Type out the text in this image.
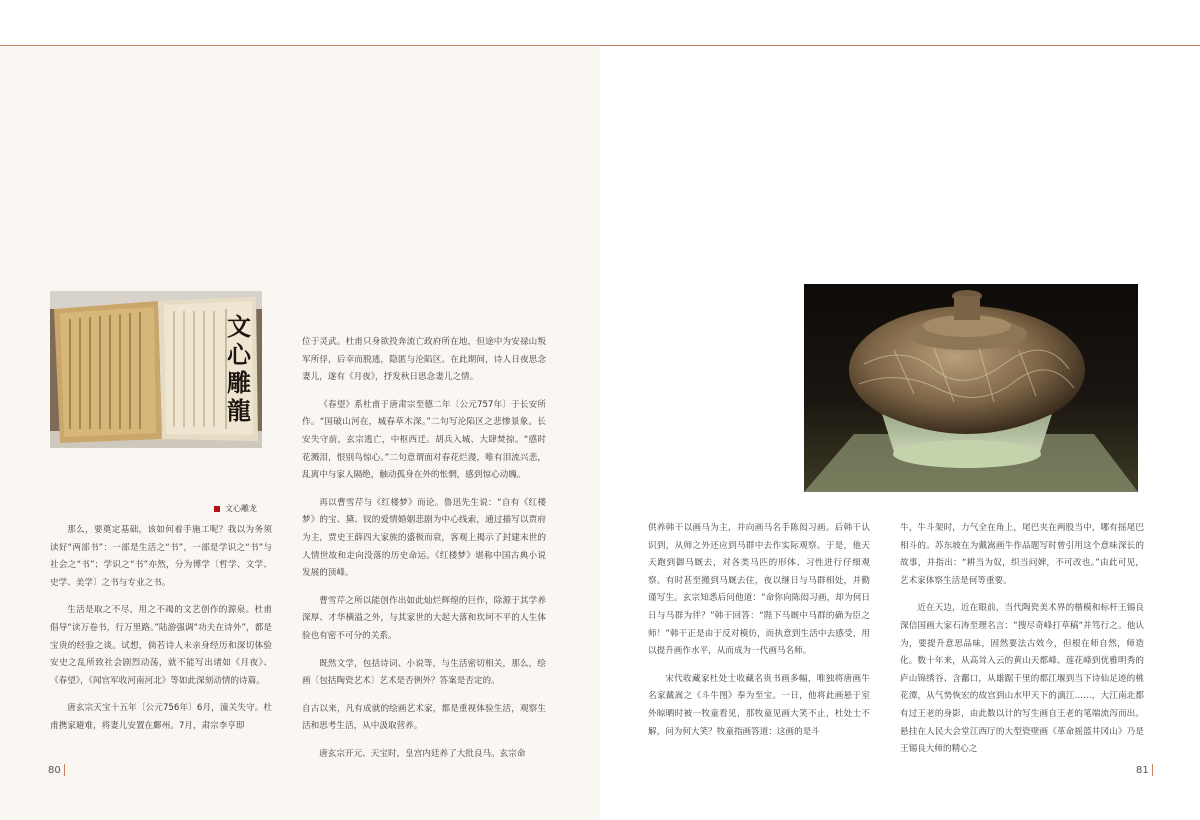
文
心
雕
龍
文心雕龙

那么，要奠定基础，该如何着手施工呢？我以为务须读好“两部书”：一部是生活之“书”，一部是学识之“书”与社会之“书”；学识之“书”亦然，分为博学〔哲学、文学、史学、美学〕之书与专业之书。

生活是取之不尽，用之不竭的文艺创作的源泉。杜甫倡导“读万卷书，行万里路。”陆游强调“功夫在诗外”，都是宝贵的经验之谈。试想，倘若诗人未亲身经历和深切体验安史之乱所致社会剧烈动荡，就不能写出诸如《月夜》、《春望》，《闻官军收河南河北》等如此深刻动情的诗篇。

唐玄宗天宝十五年〔公元756年〕6月，潼关失守。杜甫携家避难，将妻儿安置在鄜州。7月，肃宗李亨即

位于灵武。杜甫只身欲投奔流亡政府所在地，但途中为安禄山叛军所俘，后幸而脱逃，隐匿与沦陷区。在此期间，诗人日夜思念妻儿，遂有《月夜》，抒发秋日思念妻儿之情。

《春望》系杜甫于唐肃宗至德二年〔公元757年〕于长安所作。“国破山河在，城春草木深。”二句写沦陷区之悲惨景象。长安失守前，玄宗逃亡，中枢西迁。胡兵入城、大肆焚掠。“感时花溅泪，恨别鸟惊心。”二句意谓面对春花烂漫，唯有泪流兴悲，乱离中与家人隔绝，触动孤身在外的怅惘，感到惊心动魄。

再以曹雪芹与《红楼梦》而论。鲁迅先生说：“自有《红楼梦》的宝、黛、钗的爱情婚姻悲剧为中心线索，通过描写以贾府为主，贾史王薛四大家族的盛极而衰，客观上揭示了封建末世的人情世故和走向没落的历史命运。《红楼梦》堪称中国古典小说发展的顶峰。

曹雪芹之所以能创作出如此灿烂辉煌的巨作，除源于其学养深厚、才华横溢之外，与其家世的大起大落和坎坷不平的人生体验也有密不可分的关系。

既然文学，包括诗词、小说等，与生活密切相关，那么，绘画〔包括陶瓷艺术〕艺术是否例外？答案是否定的。

自古以来，凡有成就的绘画艺术家，都是重视体验生活，观察生活和思考生活，从中汲取营养。

唐玄宗开元、天宝时，皇宫内廷养了大批良马。玄宗命

80

供养韩干以画马为主，并向画马名手陈闳习画。后韩干认识到，从师之外还应到马群中去作实际观察。于是，他天天跑到御马厩去，对各类马匹的形体、习性进行仔细观察。有时甚至搬到马厩去住，夜以继日与马群相处，并勤谨写生。玄宗知悉后问他道：“命你向陈闳习画，却为何日日与马群为伴？”韩干回答：“陛下马厩中马群的确为臣之师！”韩干正是由于反对模仿，而执意到生活中去感受，用以提升画作水平，从而成为一代画马名师。

宋代收藏家杜处士收藏名贵书画多幅，唯独将唐画牛名家戴嵩之《斗牛图》奉为至宝。一日，他将此画悬于室外晾晒时被一牧童看见，那牧童见画大笑不止，杜处士不解，问为何大笑？牧童指画答道：这画的是斗

牛，牛斗架时，力气全在角上，尾巴夹在两股当中，哪有摇尾巴相斗的。苏东坡在为戴嵩画牛作品题写时曾引用这个意味深长的故事，并指出：“耕当为奴，织当问婢，不可改也。”由此可见，艺术家体察生活是何等重要。

近在天边，近在眼前，当代陶瓷美术界的楷模和标杆王锡良深信国画大家石涛至理名言：“搜尽奇峰打草稿“并笃行之。他认为，要提升意思品味，固然要法古效今，但根在师自然，师造化。数十年来，从高耸入云的黄山天都峰、莲花峰到优雅明秀的庐山锦绣谷、含鄱口，从雄踞千里的都江堰到当下诗仙足迹的桃花潭，从气势恢宏的故宫到山水甲天下的漓江……，大江南北都有过王老的身影，由此数以计的写生画自王老的笔端流泻而出。悬挂在人民大会堂江西厅的大型瓷壁画《革命摇篮井冈山》乃是王锡良大师的精心之

81
